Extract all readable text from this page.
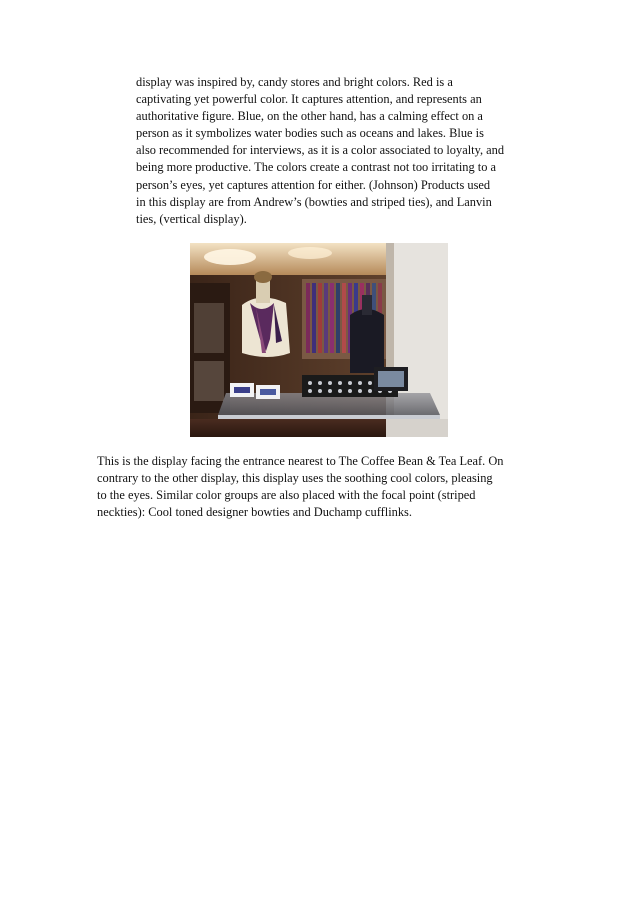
display was inspired by, candy stores and bright colors. Red is a
captivating yet powerful color. It captures attention, and represents an
authoritative figure. Blue, on the other hand, has a calming effect on a
person as it symbolizes water bodies such as oceans and lakes. Blue is
also recommended for interviews, as it is a color associated to loyalty, and
being more productive. The colors create a contrast not too irritating to a
person’s eyes, yet captures attention for either. (Johnson) Products used
in this display are from Andrew’s (bowties and striped ties), and Lanvin
ties, (vertical display).
This is the display facing the entrance nearest to The Coffee Bean & Tea Leaf. On
contrary to the other display, this display uses the soothing cool colors, pleasing
to the eyes. Similar color groups are also placed with the focal point (striped
neckties): Cool toned designer bowties and Duchamp cufflinks.
